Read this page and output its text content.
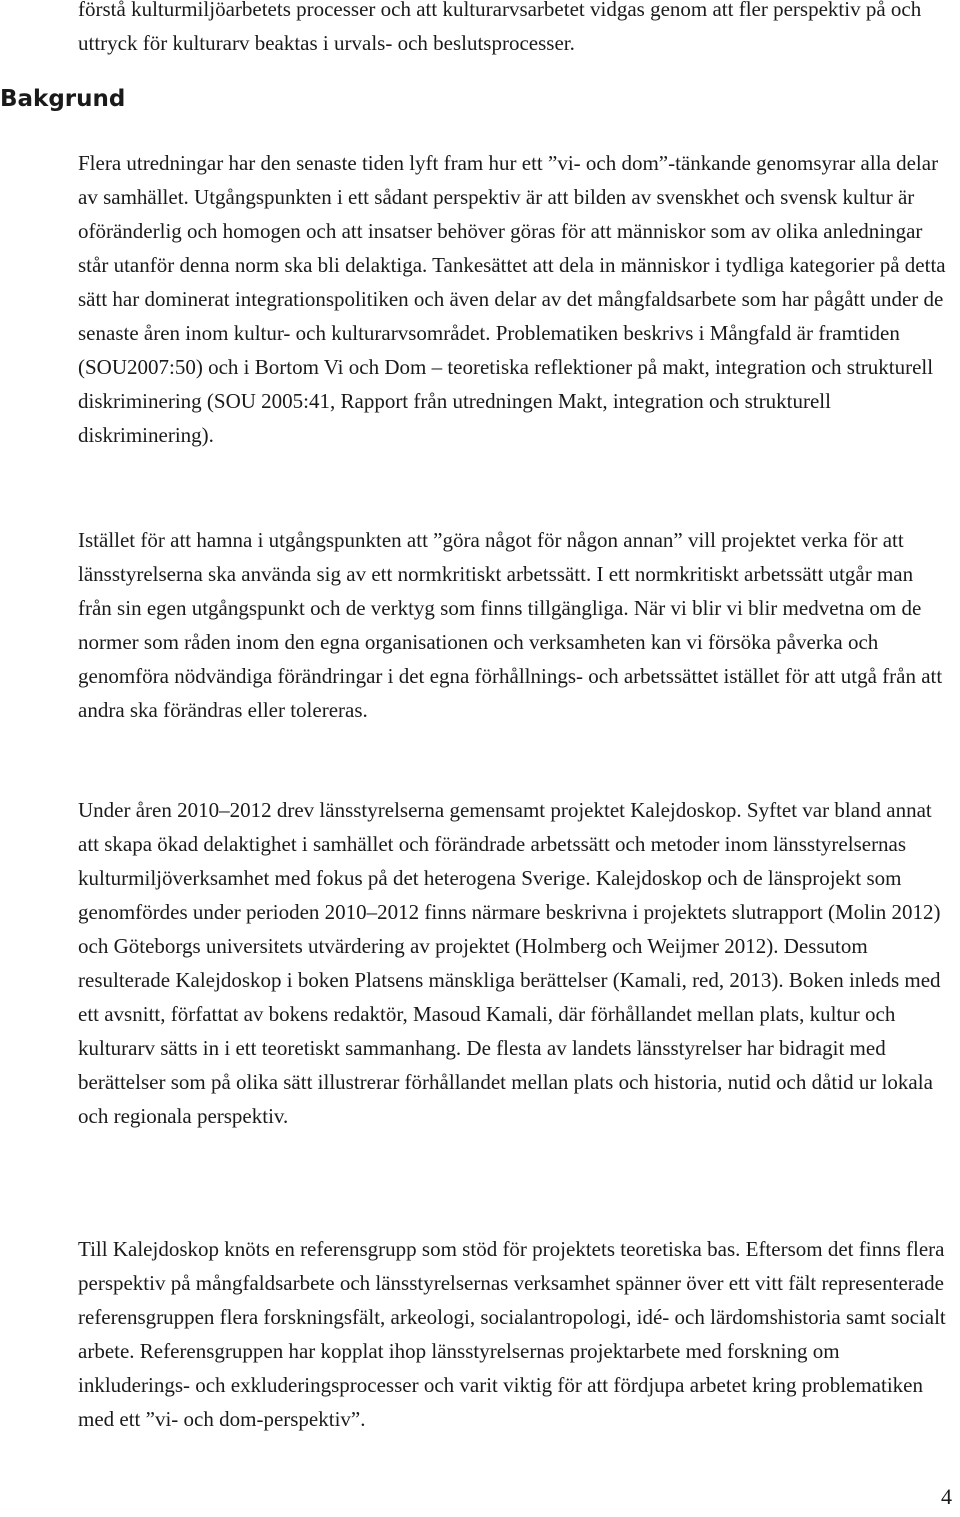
förstå kulturmiljöarbetets processer och att kulturarvsarbetet vidgas genom att fler perspektiv på och uttryck för kulturarv beaktas i urvals- och beslutsprocesser.

Bakgrund

Flera utredningar har den senaste tiden lyft fram hur ett ”vi- och dom”-tänkande genomsyrar alla delar av samhället. Utgångspunkten i ett sådant perspektiv är att bilden av svenskhet och svensk kultur är oföränderlig och homogen och att insatser behöver göras för att människor som av olika anledningar står utanför denna norm ska bli delaktiga. Tankesättet att dela in människor i tydliga kategorier på detta sätt har dominerat integrationspolitiken och även delar av det mångfaldsarbete som har pågått under de senaste åren inom kultur- och kulturarvsområdet. Problematiken beskrivs i Mångfald är framtiden (SOU2007:50) och i Bortom Vi och Dom – teoretiska reflektioner på makt, integration och strukturell diskriminering (SOU 2005:41, Rapport från utredningen Makt, integration och strukturell diskriminering).

Istället för att hamna i utgångspunkten att ”göra något för någon annan” vill projektet verka för att länsstyrelserna ska använda sig av ett normkritiskt arbetssätt. I ett normkritiskt arbetssätt utgår man från sin egen utgångspunkt och de verktyg som finns tillgängliga. När vi blir vi blir medvetna om de normer som råden inom den egna organisationen och verksamheten kan vi försöka påverka och genomföra nödvändiga förändringar i det egna förhållnings- och arbetssättet istället för att utgå från att andra ska förändras eller tolereras.

Under åren 2010–2012 drev länsstyrelserna gemensamt projektet Kalejdoskop. Syftet var bland annat att skapa ökad delaktighet i samhället och förändrade arbetssätt och metoder inom länsstyrelsernas kulturmiljöverksamhet med fokus på det heterogena Sverige. Kalejdoskop och de länsprojekt som genomfördes under perioden 2010–2012 finns närmare beskrivna i projektets slutrapport (Molin 2012) och Göteborgs universitets utvärdering av projektet (Holmberg och Weijmer 2012). Dessutom resulterade Kalejdoskop i boken Platsens mänskliga berättelser (Kamali, red, 2013). Boken inleds med ett avsnitt, författat av bokens redaktör, Masoud Kamali, där förhållandet mellan plats, kultur och kulturarv sätts in i ett teoretiskt sammanhang. De flesta av landets länsstyrelser har bidragit med berättelser som på olika sätt illustrerar förhållandet mellan plats och historia, nutid och dåtid ur lokala och regionala perspektiv.

Till Kalejdoskop knöts en referensgrupp som stöd för projektets teoretiska bas. Eftersom det finns flera perspektiv på mångfaldsarbete och länsstyrelsernas verksamhet spänner över ett vitt fält representerade referensgruppen flera forskningsfält, arkeologi, socialantropologi, idé- och lärdomshistoria samt socialt arbete. Referensgruppen har kopplat ihop länsstyrelsernas projektarbete med forskning om inkluderings- och exkluderingsprocesser och varit viktig för att fördjupa arbetet kring problematiken med ett ”vi- och dom-perspektiv”.

4
